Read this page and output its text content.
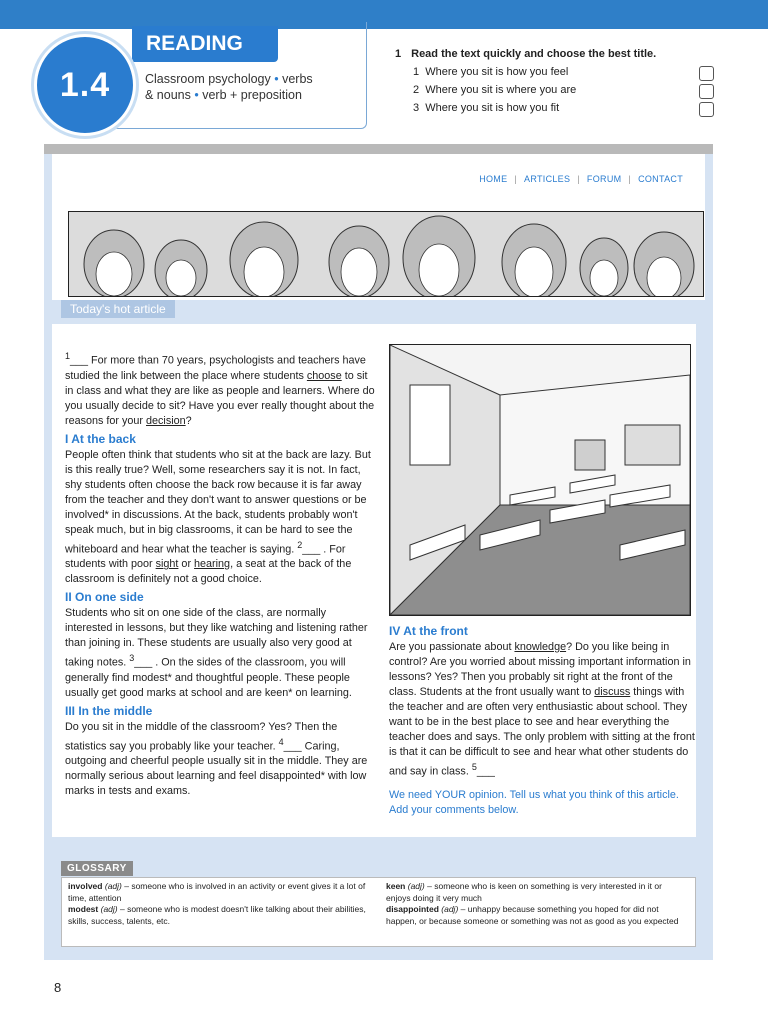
READING
1.4	Classroom psychology • verbs
& nouns • verb + preposition
1 Read the text quickly and choose the best title.
1 Where you sit is how you feel
2 Where you sit is where you are
3 Where you sit is how you fit
HOME | ARTICLES | FORUM | CONTACT
Today's hot article

$^1$___ For more than 70 years, psychologists and teachers have studied the link between the place where students choose to sit in class and what they are like as people and learners. Where do you usually decide to sit? Have you ever really thought about the reasons for your decision?

I At the back

People often think that students who sit at the back are lazy. But is this really true? Well, some researchers say it is not. In fact, shy students often choose the back row because it is far away from the teacher and they don't want to answer questions or be involved* in discussions. At the back, students probably won't speak much, but in big classrooms, it can be hard to see the whiteboard and hear what the teacher is saying. $^2$___ . For students with poor sight or hearing, a seat at the back of the classroom is definitely not a good choice.

II On one side

Students who sit on one side of the class, are normally interested in lessons, but they like watching and listening rather than joining in. These students are usually also very good at taking notes. $^3$___ . On the sides of the classroom, you will generally find modest* and thoughtful people. These people usually get good marks at school and are keen* on learning.

III In the middle

Do you sit in the middle of the classroom? Yes? Then the statistics say you probably like your teacher. $^4$___ Caring, outgoing and cheerful people usually sit in the middle. They are normally serious about learning and feel disappointed* with low marks in tests and exams.

IV At the front

Are you passionate about knowledge? Do you like being in control? Are you worried about missing important information in lessons? Yes? Then you probably sit right at the front of the class. Students at the front usually want to discuss things with the teacher and are often very enthusiastic about school. They want to be in the best place to see and hear everything the teacher does and says. The only problem with sitting at the front is that it can be difficult to see and hear what other students do and say in class. $^5$___

We need YOUR opinion. Tell us what you think of this article. Add your comments below.

GLOSSARY
involved (adj) – someone who is involved in an activity or event gives it a lot of time, attention
modest (adj) – someone who is modest doesn't like talking about their abilities, skills, success, talents, etc.
keen (adj) – someone who is keen on something is very interested in it or enjoys doing it very much
disappointed (adj) – unhappy because something you hoped for did not happen, or because someone or something was not as good as you expected
8
